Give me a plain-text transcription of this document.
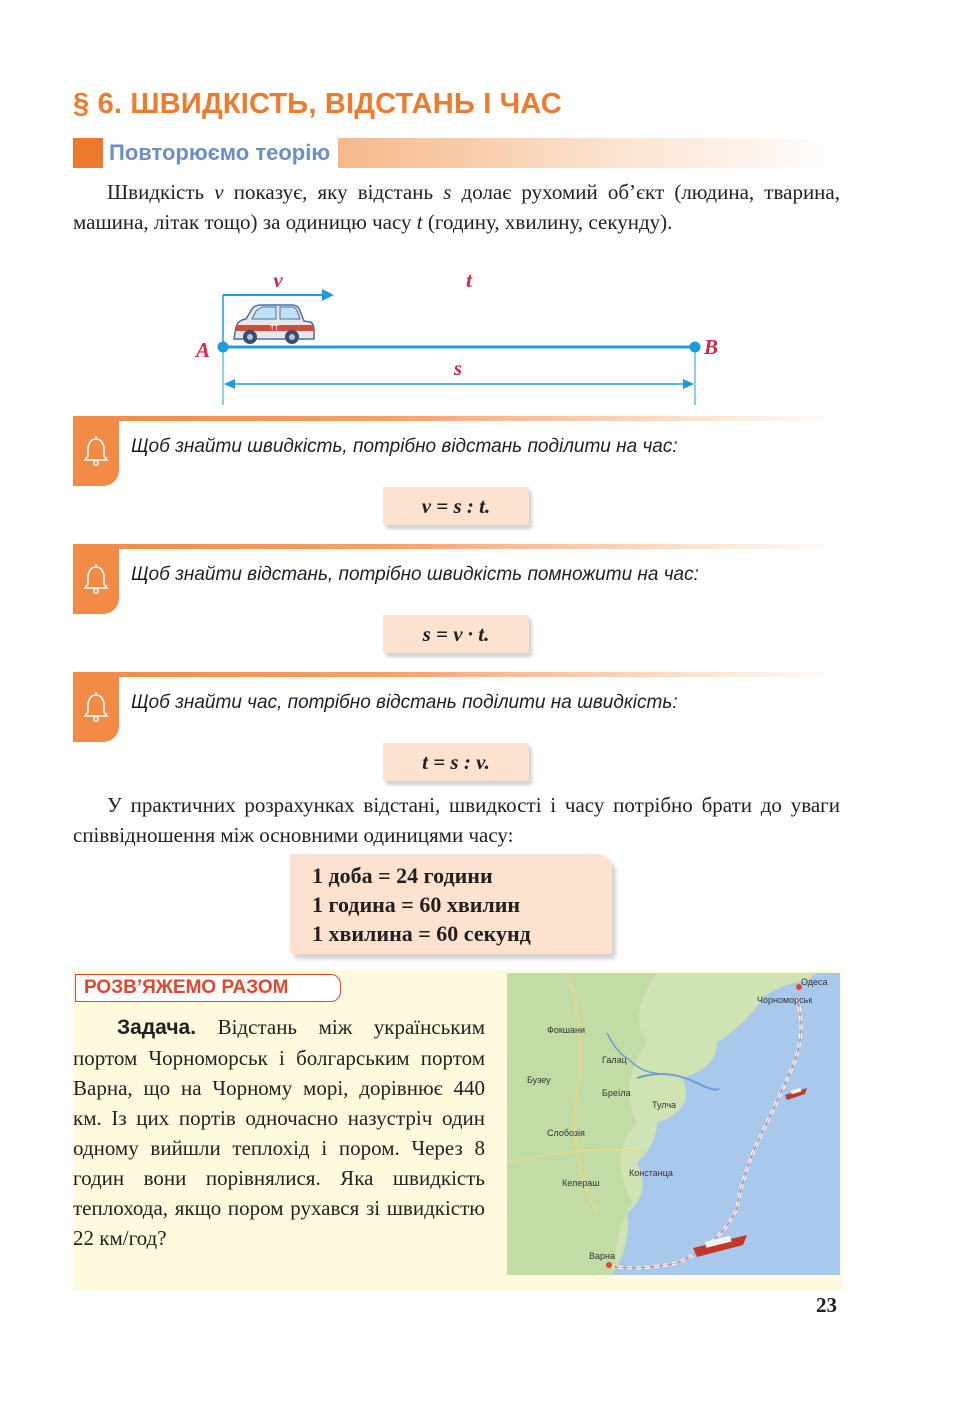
§ 6. ШВИДКІСТЬ, ВІДСТАНЬ І ЧАС
Повторюємо теорію
Швидкість v показує, яку відстань s долає рухомий об’єкт (людина, тварина, машина, літак тощо) за одиницю часу t (годину, хвилину, секунду).
v	t
TT
A	B
s
Щоб знайти швидкість, потрібно відстань поділити на час:
v = s : t.
Щоб знайти відстань, потрібно швидкість помножити на час:
s = v · t.
Щоб знайти час, потрібно відстань поділити на швидкість:
t = s : v.
У практичних розрахунках відстані, швидкості і часу потрібно брати до уваги співвідношення між основними одиницями часу:
1 доба = 24 години
1 година = 60 хвилин
1 хвилина = 60 секунд
РОЗВ’ЯЖЕМО РАЗОМ
Задача. Відстань між українським портом Чорноморськ і болгарським портом Варна, що на Чорному морі, дорівнює 440 км. Із цих портів одночасно назустріч один одному вийшли теплохід і пором. Через 8 годин вони порівнялися. Яка швидкість теплохода, якщо пором рухався зі швидкістю 22 км/год?
Одеса
Чорноморськ
Варна
Констанца
Тулча
Бреїла
Галац
Фокшани
Бузеу
Слобозія
Келераш
23
